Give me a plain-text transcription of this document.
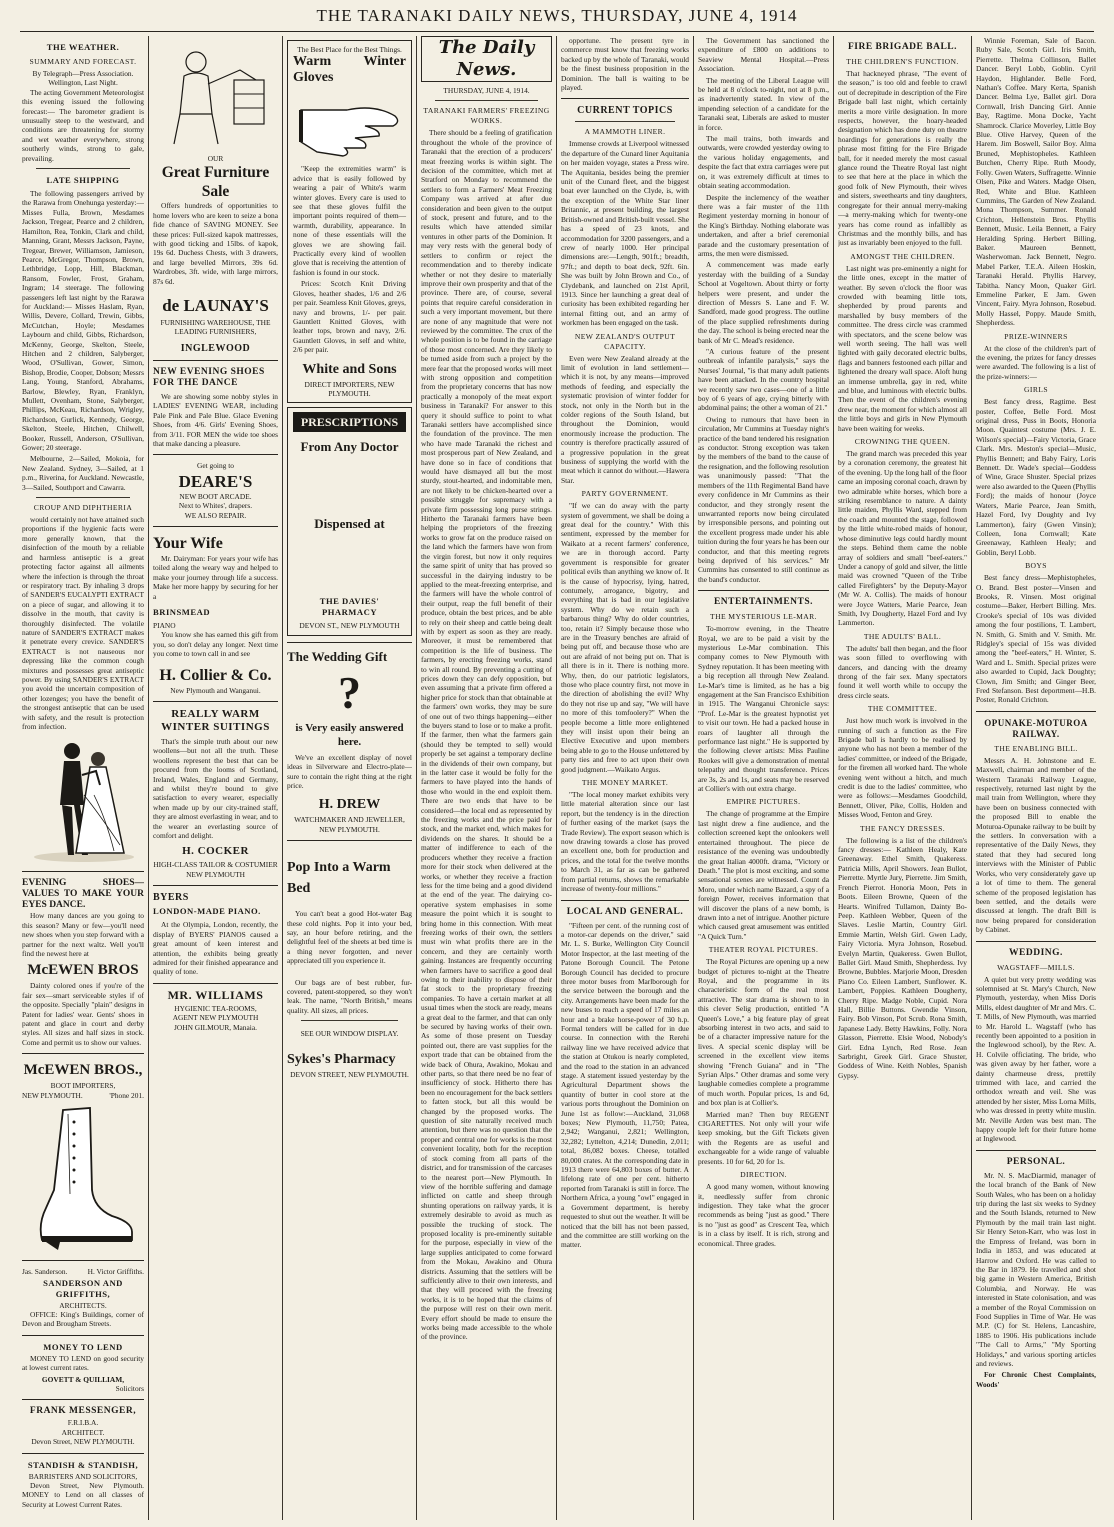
THE TARANAKI DAILY NEWS, THURSDAY, JUNE 4, 1914
THE WEATHER.
SUMMARY AND FORECAST.
By Telegraph—Press Association. Wellington, Last Night.
The acting Government Meteorologist this evening issued the following forecast:— The barometer gradient is unusually steep to the westward, and conditions are threatening for stormy and wet weather everywhere, strong southerly winds, strong to gale, prevailing.
LATE SHIPPING
The following passengers arrived by the Rarawa from Onehunga yesterday:— Misses Fulla, Brown, Mesdames Jackson, Tregear, Pearce and 2 children, Hamilton, Rea, Tonkin, Clark and child, Manning, Grant, Messrs Jackson, Payne, Tregear, Brewer, Williamson, Jamieson, Pearce, McGregor, Thompson, Brown, Lethbridge, Lopp, Hill, Blackman, Ransom, Fowler, Frost, Graham, Ingram; 14 steerage. The following passengers left last night by the Rarawa for Auckland:— Misses Haslam, Ryan, Willis, Devere, Collard, Trewin, Gibbs, McCutchan, Hoyle; Mesdames Laybourn and child, Gibbs, Richardson, McKenny, George, Skelton, Steele, Hitchen and 2 children, Salyberger, Wood, O'Sullivan, Gower, Simon, Bishop, Brodie, Cooper, Dobson; Messrs Lang, Young, Stanford, Abrahams, Barlow, Blewley, Ryan, Franklyn, Mullett, Ovenham, Stone, Salyberger, Phillips, McKeau, Richardson, Wrigley, Richardson, Gurlick, Kennedy, George, Skelton, Steele, Hitchen, Chilwell, Booker, Russell, Anderson, O'Sullivan, Gower; 20 steerage.
Melbourne, 2—Sailed, Mokoia, for New Zealand. Sydney, 3—Sailed, at 1 p.m., Riverina, for Auckland. Newcastle, 3—Sailed, Southport and Cawarra.
CROUP AND DIPHTHERIA
would certainly not have attained such proportions if the hygienic facts were more generally known, that the disinfection of the mouth by a reliable and harmless antiseptic is a great protecting factor against all ailments where the infection is through the throat or respiratory tract. By inhaling 3 drops of SANDER'S EUCALYPTI EXTRACT on a piece of sugar, and allowing it to dissolve in the mouth, that cavity is thoroughly disinfected. The volatile nature of SANDER'S EXTRACT makes it penetrate every crevice. SANDER'S EXTRACT is not nauseous nor depressing like the common cough mixtures and possesses great antiseptic power. By using SANDER'S EXTRACT you avoid the uncertain composition of other lozenges; you have the benefit of the strongest antiseptic that can be used with safety, and the result is protection from infection.
EVENING SHOES— VALUES TO MAKE YOUR EYES DANCE.
How many dances are you going to this season? Many or few—you'll need new shoes when you step forward with a partner for the next waltz. Well you'll find the newest here at
McEWEN BROS
Dainty colored ones if you're of the fair sex—smart serviceable styles if of the opposite. Specially "plain" designs in Patent for ladies' wear. Gents' shoes in patent and glace in court and derby styles. All sizes and half sizes in stock. Come and permit us to show our values.
McEWEN BROS.,
BOOT IMPORTERS,
NEW PLYMOUTH.	'Phone 201.
Jas. Sanderson.	H. Victor Griffiths.
SANDERSON AND GRIFFITHS,
ARCHITECTS.
OFFICE: King's Buildings, corner of Devon and Brougham Streets.
MONEY TO LEND
MONEY TO LEND on good security at lowest current rates.
GOVETT & QUILLIAM,
Solicitors
FRANK MESSENGER,
F.R.I.B.A.
ARCHITECT.
Devon Street, NEW PLYMOUTH.
STANDISH & STANDISH,
BARRISTERS AND SOLICITORS,
Devon Street, New Plymouth. MONEY to Lend on all classes of Security at Lowest Current Rates.
OUR
Great Furniture Sale
Offers hundreds of opportunities to home lovers who are keen to seize a bona fide chance of SAVING MONEY. See these prices: Full-sized kapok mattresses, with good ticking and 15lbs. of kapok, 19s 6d. Duchess Chests, with 3 drawers, and large bevelled Mirrors, 39s 6d. Wardrobes, 3ft. wide, with large mirrors, 87s 6d.
de LAUNAY'S
FURNISHING WAREHOUSE, THE LEADING FURNISHERS,
INGLEWOOD
NEW EVENING SHOES FOR THE DANCE
We are showing some nobby styles in LADIES' EVENING WEAR, including Pale Pink and Pale Blue. Glace Evening Shoes, from 4/6. Girls' Evening Shoes, from 3/11. FOR MEN the wide toe shoes that make dancing a pleasure.
Get going to
DEARE'S
NEW BOOT ARCADE.
Next to Whites', drapers.
WE ALSO REPAIR.
Your Wife
Mr. Dairyman: For years your wife has toiled along the weary way and helped to make your journey through life a success. Make her more happy by securing for her a
BRINSMEAD
PIANO
You know she has earned this gift from you, so don't delay any longer. Next time you come to town call in and see
H. Collier & Co.
New Plymouth and Wanganui.
REALLY WARM WINTER SUITINGS
That's the simple truth about our new woollens—but not all the truth. These woollens represent the best that can be procured from the looms of Scotland, Ireland, Wales, England and Germany, and whilst they're bound to give satisfaction to every wearer, especially when made up by our city-trained staff, they are almost everlasting in wear, and to the wearer an everlasting source of comfort and delight.
H. COCKER
HIGH-CLASS TAILOR & COSTUMIER NEW PLYMOUTH
BYERS
LONDON-MADE PIANO.
At the Olympia, London, recently, the display of BYERS' PIANOS caused a great amount of keen interest and attention, the exhibits being greatly admired for their finished appearance and quality of tone.
MR. WILLIAMS
HYGIENIC TEA-ROOMS,
AGENT NEW PLYMOUTH
JOHN GILMOUR, Manaia.
The Best Place for the Best Things.
Warm Winter Gloves
"Keep the extremities warm" is advice that is easily followed by wearing a pair of White's warm winter gloves. Every care is used to see that these gloves fulfil the important points required of them—warmth, durability, appearance. In none of these essentials will the gloves we are showing fail. Practically every kind of woollen glove that is receiving the attention of fashion is found in our stock.
Prices: Scotch Knit Driving Gloves, heather shades, 1/6 and 2/6 per pair. Seamless Knit Gloves, greys, navy and browns, 1/- per pair. Gauntlett Knitted Gloves, with leather tops, brown and navy, 2/6. Gauntlett Gloves, in self and white, 2/6 per pair.
White and Sons
DIRECT IMPORTERS, NEW PLYMOUTH.
PRESCRIPTIONS
From Any Doctor
Dispensed at
THE DAVIES' PHARMACY
DEVON ST., NEW PLYMOUTH
The Wedding Gift
?
is Very easily answered here.
We've an excellent display of novel ideas in Silverware and Electro-plate—sure to contain the right thing at the right price.
H. DREW
WATCHMAKER AND JEWELLER, NEW PLYMOUTH.
Pop Into a Warm Bed
You can't beat a good Hot-water Bag these cold nights. Pop it into your bed, say, an hour before retiring, and the delightful feel of the sheets at bed time is a thing never forgotten, and never appreciated till you experience it.
Our bags are of best rubber, fur-covered, patent-stoppered, so they won't leak. The name, "North British," means quality. All sizes, all prices.
SEE OUR WINDOW DISPLAY.
Sykes's Pharmacy
DEVON STREET, NEW PLYMOUTH.
The Daily News.
THURSDAY, JUNE 4, 1914.
TARANAKI FARMERS' FREEZING WORKS.
There should be a feeling of gratification throughout the whole of the province of Taranaki that the erection of a producers' meat freezing works is within sight. The decision of the committee, which met at Stratford on Monday to recommend the settlers to form a Farmers' Meat Freezing Company was arrived at after due consideration and been given to the output of stock, present and future, and to the results which have attended similar ventures in other parts of the Dominion. It may very rests with the general body of settlers to confirm or reject the recommendation and to thereby indicate whether or not they desire to materially improve their own prosperity and that of the province. There are, of course, several points that require careful consideration in such a very important movement, but there are none of any magnitude that were not reviewed by the committee. The crux of the whole position is to be found in the carriage of those most concerned. Are they likely to be turned aside from such a project by the mere fear that the proposed works will meet with strong opposition and competition from the proprietary concerns that has now practically a monopoly of the meat export business in Taranaki? For answer to this query it should suffice to point to what Taranaki settlers have accomplished since the foundation of the province. The men who have made Taranaki the richest and most prosperous part of New Zealand, and have done so in face of conditions that would have dismayed all but the most sturdy, stout-hearted, and indomitable men, are not likely to be chicken-hearted over a possible struggle for supremacy with a private firm possessing long purse strings. Hitherto the Taranaki farmers have been helping the proprietors of the freezing works to grow fat on the produce raised on the land which the farmers have won from the virgin forest, but now it only requires the same spirit of unity that has proved so successful in the dairying industry to be applied to the meat-freezing enterprise, and the farmers will have the whole control of their output, reap the full benefit of their produce, obtain the best prices, and be able to rely on their sheep and cattle being dealt with by expert as soon as they are ready. Moreover, it must be remembered that competition is the life of business. The farmers, by erecting freezing works, stand to win all round. By preventing a cutting of prices down they can defy opposition, but even assuming that a private firm offered a higher price for stock than that obtainable at the farmers' own works, they may be sure of one out of two things happening—either the buyers stand to lose or to make a profit. If the farmer, then what the farmers gain (should they be tempted to sell) would properly be set against a temporary decline in the dividends of their own company, but in the latter case it would be folly for the farmers to have played into the hands of those who would in the end exploit them. There are two ends that have to be considered—the local end as represented by the freezing works and the price paid for stock, and the market end, which makes for dividends on the shares. It should be a matter of indifference to each of the producers whether they receive a fraction more for their stock when delivered at the works, or whether they receive a fraction less for the time being and a good dividend at the end of the year. The dairying co-operative system emphasises in some measure the point which it is sought to bring home in this connection. With meat freezing works of their own, the settlers must win what profits there are in the concern, and they are certainly worth gaining. Instances are frequently occurring when farmers have to sacrifice a good deal owing to their inability to dispose of their fat stock to the proprietary freezing companies. To have a certain market at all usual times when the stock are ready, means a great deal to the farmer, and that can only be secured by having works of their own. As some of those present on Tuesday pointed out, there are vast supplies for the export trade that can be obtained from the wide back of Ohura, Awakino, Mokau and other parts, so that there need be no fear of insufficiency of stock. Hitherto there has been no encouragement for the back settlers to fatten stock, but all this would be changed by the proposed works. The question of site naturally received much attention, but there was no question that the proper and central one for works is the most convenient locality, both for the reception of stock coming from all parts of the district, and for transmission of the carcases to the nearest port—New Plymouth. In view of the horrible suffering and damage inflicted on cattle and sheep through shunting operations on railway yards, it is extremely desirable to avoid as much as possible the trucking of stock. The proposed locality is pre-eminently suitable for the purpose, especially in view of the large supplies anticipated to come forward from the Mokau, Awakino and Ohura districts. Assuming that the settlers will be sufficiently alive to their own interests, and that they will proceed with the freezing works, it is to be hoped that the claims of the purpose will rest on their own merit. Every effort should be made to ensure the works being made accessible to the whole of the province.
opportune. The present tyre in commerce must know that freezing works backed up by the whole of Taranaki, would be the finest business proposition in the Dominion. The ball is waiting to be played.
CURRENT TOPICS
A MAMMOTH LINER.
Immense crowds at Liverpool witnessed the departure of the Cunard liner Aquitania on her maiden voyage, states a Press wire. The Aquitania, besides being the premier unit of the Cunard fleet, and the biggest boat ever launched on the Clyde, is, with the exception of the White Star liner Britannic, at present building, the largest British-owned and British-built vessel. She has a speed of 23 knots, and accommodation for 3200 passengers, and a crew of nearly 1000. Her principal dimensions are:—Length, 901ft.; breadth, 97ft.; and depth to boat deck, 92ft. 6in. She was built by John Brown and Co., of Clydebank, and launched on 21st April, 1913. Since her launching a great deal of curiosity has been exhibited regarding her internal fitting out, and an army of workmen has been engaged on the task.
NEW ZEALAND'S OUTPUT CAPACITY.
Even were New Zealand already at the limit of evolution in land settlement—which it is not, by any means—improved methods of feeding, and especially the systematic provision of winter fodder for stock, not only in the North but in the colder regions of the South Island, but throughout the Dominion, would enormously increase the production. The country is therefore practically assured of a progressive population in the great business of supplying the world with the meat which it cannot do without.—Hawera Star.
PARTY GOVERNMENT.
"If we can do away with the party system of government, we shall be doing a great deal for the country." With this sentiment, expressed by the member for Waikato at a recent farmers' conference, we are in thorough accord. Party government is responsible for greater political evils than anything we know of. It is the cause of hypocrisy, lying, hatred, contumely, arrogance, bigotry, and everything that is bad in our legislative system. Why do we retain such a barbarous thing? Why do older countries, too, retain it? Simply because those who are in the Treasury benches are afraid of being put off, and because those who are out are afraid of not being put on. That is all there is in it. There is nothing more. Why, then, do our patriotic legislators, those who place country first, not move in the direction of abolishing the evil? Why do they not rise up and say, "We will have no more of this tomfoolery?" When the people become a little more enlightened they will insist upon their being an Elective Executive and upon members being able to go to the House unfettered by party ties and free to act upon their own good judgment.—Waikato Argus.
THE MONEY MARKET.
"The local money market exhibits very little material alteration since our last report, but the tendency is in the direction of further easing of the market (says the Trade Review). The export season which is now drawing towards a close has proved an excellent one, both for production and prices, and the total for the twelve months to March 31, as far as can be gathered from partial returns, shows the remarkable increase of twenty-four millions."
LOCAL AND GENERAL.
"Fifteen per cent. of the running cost of a motor-car depends on the driver," said Mr. L. S. Burke, Wellington City Council Motor Inspector, at the last meeting of the Patone Borough Council. The Petone Borough Council has decided to procure three motor buses from Marlborough for the service between the borough and the city. Arrangements have been made for the new buses to reach a speed of 17 miles an hour and a brake horse-power of 30 h.p. Formal tenders will be called for in due course. In connection with the Rerehi railway line we have received advice that the station at Otukou is nearly completed, and the road to the station in an advanced stage. A statement issued yesterday by the Agricultural Department shows the quantity of butter in cool store at the various ports throughout the Dominion on June 1st as follow:—Auckland, 31,068 boxes; New Plymouth, 11,750; Patea, 2,942; Wanganui, 2,821; Wellington, 32,282; Lyttelton, 4,214; Dunedin, 2,011; total, 86,082 boxes. Cheese, totalled 80,000 crates. At the corresponding date in 1913 there were 64,803 boxes of butter. A lifelong rate of one per cent. hitherto reported from Taranaki is still in force. The Northern Africa, a young "owl" engaged in a Government department, is hereby requested to shut out the weather. It will be noticed that the bill has not been passed, and the committee are still working on the matter.
The Government has sanctioned the expenditure of £800 on additions to Seaview Mental Hospital.—Press Association.
The meeting of the Liberal League will be held at 8 o'clock to-night, not at 8 p.m., as inadvertently stated. In view of the impending selection of a candidate for the Taranaki seat, Liberals are asked to muster in force.
The mail trains, both inwards and outwards, were crowded yesterday owing to the various holiday engagements, and despite the fact that extra carriages were put on, it was extremely difficult at times to obtain seating accommodation.
Despite the inclemency of the weather there was a fair muster of the 11th Regiment yesterday morning in honour of the King's Birthday. Nothing elaborate was undertaken, and after a brief ceremonial parade and the customary presentation of arms, the men were dismissed.
A commencement was made early yesterday with the building of a Sunday School at Vogeltown. About thirty or forty helpers were present, and under the direction of Messrs S. Lane and F. W. Sandford, made good progress. The outline of the place supplied refreshments during the day. The school is being erected near the bank of Mr C. Mead's residence.
"A curious feature of the present outbreak of infantile paralysis," says the Nurses' Journal, "is that many adult patients have been attacked. In the country hospital we recently saw two cases—one of a little boy of 6 years of age, crying bitterly with abdominal pains; the other a woman of 21."
Owing to rumours that have been in circulation, Mr Cummins at Tuesday night's practice of the band tendered his resignation as conductor. Strong exception was taken by the members of the band to the cause of the resignation, and the following resolution was unanimously passed: "That the members of the 11th Regimental Band have every confidence in Mr Cummins as their conductor, and they strongly resent the unwarranted reports now being circulated by irresponsible persons, and pointing out the excellent progress made under his able tuition during the four years he has been our conductor, and that this meeting regrets being deprived of his services." Mr Cummins has consented to still continue as the band's conductor.
ENTERTAINMENTS.
THE MYSTERIOUS LE-MAR.
To-morrow evening, in the Theatre Royal, we are to be paid a visit by the mysterious Le-Mar combination. This company comes to New Plymouth with Sydney reputation. It has been meeting with a big reception all through New Zealand. Le-Mar's time is limited, as he has a big engagement at the San Francisco Exhibition in 1915. The Wanganui Chronicle says: "Prof. Le-Mar is the greatest hypnotist yet to visit our town. He had a packed house in roars of laughter all through the performance last night." He is supported by the following clever artists: Miss Pauline Rookes will give a demonstration of mental telepathy and thought transference. Prices are 3s, 2s and 1s, and seats may be reserved at Collier's with out extra charge.
EMPIRE PICTURES.
The change of programme at the Empire last night drew a fine audience, and the collection screened kept the onlookers well entertained throughout. The piece de resistance of the evening was undoubtedly the great Italian 4000ft. drama, "Victory or Death." The plot is most exciting, and some sensational scenes are witnessed. Count da Moro, under which name Bazard, a spy of a foreign Power, receives information that will discover the plans of a new bomb, is drawn into a net of intrigue. Another picture which caused great amusement was entitled "A Quick Turn."
THEATER ROYAL PICTURES.
The Royal Pictures are opening up a new budget of pictures to-night at the Theatre Royal, and the programme in its characteristic form of the real most attractive. The star drama is shown to in this clever Selig production, entitled "A Queen's Love," a big feature play of great absorbing interest in two acts, and said to be of a character impressive nature for the lives. A special scenic display will be screened in the excellent view items showing "French Guiana" and in "The Syrian Alps." Other dramas and some very laughable comedies complete a programme of much worth. Popular prices, 1s and 6d, and box plan is at Collier's.
Married man? Then buy REGENT CIGARETTES. Not only will your wife keep smoking, but the Gift Tickets given with the Regents are as useful and exchangeable for a wide range of valuable presents. 10 for 6d, 20 for 1s.
DIRECTION.
A good many women, without knowing it, needlessly suffer from chronic indigestion. They take what the grocer recommends as being "just as good." There is no "just as good" as Crescent Tea, which is in a class by itself. It is rich, strong and economical. Three grades.
FIRE BRIGADE BALL.
THE CHILDREN'S FUNCTION.
That hackneyed phrase, "The event of the season," is too old and feeble to crawl out of decrepitude in description of the Fire Brigade ball last night, which certainly merits a more virile designation. In more respects, however, the hoary-headed designation which has done duty on theatre hoardings for generations is really the phrase most fitting for the Fire Brigade ball, for it needed merely the most casual glance round the Theatre Royal last night to see that here at the place in which the good folk of New Plymouth, their wives and sisters, sweethearts and tiny daughters, congregate for their annual merry-making —a merry-making which for twenty-one years has come round as infallibly as Christmas and the monthly bills, and has just as invariably been enjoyed to the full.
AMONGST THE CHILDREN.
Last night was pre-eminently a night for the little ones, except in the matter of weather. By seven o'clock the floor was crowded with beaming little tots, shepherded by proud parents and marshalled by busy members of the committee. The dress circle was crammed with spectators, and the scene below was well worth seeing. The hall was well lighted with gaily decorated electric bulbs, flags and banners festooned each pillar and lightened the dreary wall space. Aloft hung an immense umbrella, gay in red, white and blue, and luminous with electric bulbs. Then the event of the children's evening drew near, the moment for which almost all the little boys and girls in New Plymouth have been waiting for weeks.
CROWNING THE QUEEN.
The grand march was preceded this year by a coronation ceremony, the greatest hit of the evening. Up the long hall of the floor came an imposing coronal coach, drawn by two admirable white horses, which bore a striking resemblance to nature. A dainty little maiden, Phyllis Ward, stepped from the coach and mounted the stage, followed by the little white-robed maids of honour, whose diminutive legs could hardly mount the steps. Behind them came the noble array of soldiers and small "beef-eaters." Under a canopy of gold and silver, the little maid was crowned "Queen of the Tribe called Firefighters" by the Deputy-Mayor (Mr W. A. Collis). The maids of honour were Joyce Watters, Marie Pearce, Jean Smith, Ivy Dougherty, Hazel Ford and Ivy Lammerton.
THE ADULTS' BALL.
The adults' ball then began, and the floor was soon filled to overflowing with dancers, and dancing with the dreamy throng of the fair sex. Many spectators found it well worth while to occupy the dress circle seats.
THE COMMITTEE.
Just how much work is involved in the running of such a function as the Fire Brigade ball is hardly to be realised by anyone who has not been a member of the ladies' committee, or indeed of the Brigade, for the firemen all worked hard. The whole evening went without a hitch, and much credit is due to the ladies' committee, who were as follows:—Mesdames Goodchild, Bennett, Oliver, Pike, Collis, Holden and Misses Wood, Fenton and Grey.
THE FANCY DRESSES.
The following is a list of the children's fancy dresses:— Kathleen Healy, Kate Greenaway. Ethel Smith, Quakeress. Patricia Mills, April Showers. Jean Bullot, Pierrette. Myrtle Jury, Pierrette. Jim Smith, French Pierrot. Honoria Moon, Pets in Boots. Eileen Browne, Queen of the Hearts. Winifred Tullamon, Dainty Bo-Peep. Kathleen Webber, Queen of the Slaves. Leslie Martin, Country Girl. Emmie Martin, Welsh Girl. Gwen Lady, Fairy Victoria. Myra Johnson, Rosebud. Evelyn Martin, Quakeress. Gwen Bullot, Ballet Girl. Maud Smith, Shepherdess. Ivy Browne, Bubbles. Marjorie Moon, Dresden Piano Co. Eileen Lambert, Sunflower. K. Lambert, Poppies. Kathleen Dougherty, Cherry Ripe. Madge Noble, Cupid. Nora Hall, Billie Buttons. Gwendie Vinson, Fairy. Bob Vinson, Pot Scrub. Rona Smith, Japanese Lady. Betty Hawkins, Folly. Nora Glasson, Pierrette. Elsie Wood, Nobody's Girl. Edna Lynch, Red Rose. Jean Sarbright, Greek Girl. Grace Shuster, Goddess of Wine. Keith Nobles, Spanish Gypsy.
Winnie Foreman, Sale of Bacon. Ruby Sale, Scotch Girl. Iris Smith, Pierrette. Thelma Collinson, Ballet Dancer. Beryl Lobb, Goblin. Cyril Haydon, Highlander. Belle Ford, Nathan's Coffee. Mary Kerta, Spanish Dancer. Belma Lye, Ballet girl. Dora Cornwall, Irish Dancing Girl. Annie Bay, Ragtime. Mona Docke, Yacht Shamrock. Clarice Moverley, Little Boy Blue. Olive Harvey, Queen of the Harem. Jim Boswell, Sailor Boy. Alma Bruned, Mephistopheles. Kathleen Butchen, Cherry Ripe. Ruth Moody, Folly. Gwen Waters, Suffragette. Winnie Olsen, Pike and Waters. Madge Olsen, Red, White and Blue. Kathleen Cummins, The Garden of New Zealand. Mona Thompson, Summer. Ronald Crichton, Hellenstein Bros. Phyllis Bennett, Music. Leila Bennett, a Fairy Heralding Spring. Herbert Billing, Baker. Maureen Bennett, Washerwoman. Jack Bennett, Negro. Mabel Parker, T.E.A. Aileen Hoskin, Taranaki Herald. Phyllis Harvey, Tabitha. Nancy Moon, Quaker Girl. Emmeline Parker, E Jam. Gwen Vincent, Fairy. Myra Johnson, Rosebud. Molly Hassel, Poppy. Maude Smith, Shepherdess.
PRIZE-WINNERS
At the close of the children's part of the evening, the prizes for fancy dresses were awarded. The following is a list of the prize-winners:—
GIRLS
Best fancy dress, Ragtime. Best poster, Coffee, Belle Ford. Most original dress, Puss in Boots, Honoria Moon. Quaintest costume (Mrs. J. E. Wilson's special)—Fairy Victoria, Grace Clark. Mrs. Meston's special—Music, Phyllis Bennett; and Baby Fairy, Loris Bennett. Dr. Wade's special—Goddess of Wine, Grace Shuster. Special prizes were also awarded to the Queen (Phyllis Ford); the maids of honour (Joyce Waters, Marie Pearce, Jean Smith, Hazel Ford, Ivy Doughty and Ivy Lammerton), fairy (Gwen Vinsin); Colleen, Iona Cornwall; Kate Greenaway, Kathleen Healy; and Goblin, Beryl Lobb.
BOYS
Best fancy dress—Mephistopheles, O. Brand. Best poster—Vinsen and Brooks, R. Vinsen. Most original costume—Baker, Herbert Billing. Mrs. Crooke's special of 10s was divided among the four postilions, T. Lambert, N. Smith, G. Smith and V. Smith. Mr. Ridgley's special of 15s was divided among the "beef-eaters," H. Winter, S. Ward and L. Smith. Special prizes were also awarded to Cupid, Jack Doughty; Clown, Jim Smith; and Ginger Beer, Fred Stefanson. Best deportment—H.B. Poster, Ronald Crichton.
OPUNAKE-MOTUROA RAILWAY.
THE ENABLING BILL.
Messrs A. H. Johnstone and E. Maxwell, chairman and member of the Western Taranaki Railway League, respectively, returned last night by the mail train from Wellington, where they have been on business connected with the proposed Bill to enable the Moturoa-Opunake railway to be built by the settlers. In conversation with a representative of the Daily News, they stated that they had secured long interviews with the Minister of Public Works, who very considerately gave up a lot of time to them. The general scheme of the proposed legislation has been settled, and the details were discussed at length. The draft Bill is now being prepared for consideration by Cabinet.
WEDDING.
WAGSTAFF—MILLS.
A quiet but very pretty wedding was solemnised at St. Mary's Church, New Plymouth, yesterday, when Miss Doris Mills, eldest daughter of Mr and Mrs. C. T. Mills, of New Plymouth, was married to Mr. Harold L. Wagstaff (who has recently been appointed to a position in the Inglewood school), by the Rev. A. H. Colvile officiating. The bride, who was given away by her father, wore a dainty charmeuse dress, prettily trimmed with lace, and carried the orthodox wreath and veil. She was attended by her sister, Miss Lorna Mills, who was dressed in pretty white muslin. Mr. Neville Arden was best man. The happy couple left for their future home at Inglewood.
PERSONAL.
Mr. N. S. MacDiarmid, manager of the local branch of the Bank of New South Wales, who has been on a holiday trip during the last six weeks to Sydney and the South Islands, returned to New Plymouth by the mail train last night. Sir Henry Seton-Karr, who was lost in the Empress of Ireland, was born in India in 1853, and was educated at Harrow and Oxford. He was called to the Bar in 1879. He travelled and shot big game in Western America, British Columbia, and Norway. He was interested in State colonisation, and was a member of the Royal Commission on Food Supplies in Time of War. He was M.P. (C) for St. Helens, Lancashire, 1885 to 1906. His publications include "The Call to Arms," "My Sporting Holidays," and various sporting articles and reviews.
For Chronic Chest Complaints, Woods'
